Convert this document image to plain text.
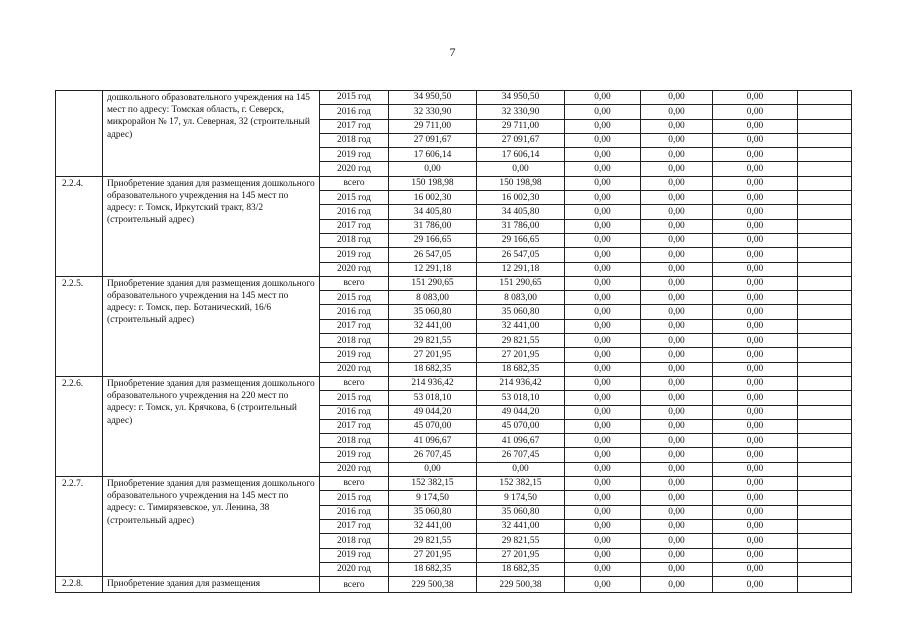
7
	дошкольного образовательного учреждения на 145 мест по адресу: Томская область, г. Северск, микрорайон № 17, ул. Северная, 32 (строительный адрес)	2015 год	34 950,50	34 950,50	0,00	0,00	0,00	
		2016 год	32 330,90	32 330,90	0,00	0,00	0,00	
		2017 год	29 711,00	29 711,00	0,00	0,00	0,00	
		2018 год	27 091,67	27 091,67	0,00	0,00	0,00	
		2019 год	17 606,14	17 606,14	0,00	0,00	0,00	
		2020 год	0,00	0,00	0,00	0,00	0,00	
2.2.4.	Приобретение здания для размещения дошкольного образовательного учреждения на 145 мест по адресу: г. Томск, Иркутский тракт, 83/2 (строительный адрес)	всего	150 198,98	150 198,98	0,00	0,00	0,00	
		2015 год	16 002,30	16 002,30	0,00	0,00	0,00	
		2016 год	34 405,80	34 405,80	0,00	0,00	0,00	
		2017 год	31 786,00	31 786,00	0,00	0,00	0,00	
		2018 год	29 166,65	29 166,65	0,00	0,00	0,00	
		2019 год	26 547,05	26 547,05	0,00	0,00	0,00	
		2020 год	12 291,18	12 291,18	0,00	0,00	0,00	
2.2.5.	Приобретение здания для размещения дошкольного образовательного учреждения на 145 мест по адресу: г. Томск, пер. Ботанический, 16/6 (строительный адрес)	всего	151 290,65	151 290,65	0,00	0,00	0,00	
		2015 год	8 083,00	8 083,00	0,00	0,00	0,00	
		2016 год	35 060,80	35 060,80	0,00	0,00	0,00	
		2017 год	32 441,00	32 441,00	0,00	0,00	0,00	
		2018 год	29 821,55	29 821,55	0,00	0,00	0,00	
		2019 год	27 201,95	27 201,95	0,00	0,00	0,00	
		2020 год	18 682,35	18 682,35	0,00	0,00	0,00	
2.2.6.	Приобретение здания для размещения дошкольного образовательного учреждения на 220 мест по адресу: г. Томск, ул. Крячкова, 6 (строительный адрес)	всего	214 936,42	214 936,42	0,00	0,00	0,00	
		2015 год	53 018,10	53 018,10	0,00	0,00	0,00	
		2016 год	49 044,20	49 044,20	0,00	0,00	0,00	
		2017 год	45 070,00	45 070,00	0,00	0,00	0,00	
		2018 год	41 096,67	41 096,67	0,00	0,00	0,00	
		2019 год	26 707,45	26 707,45	0,00	0,00	0,00	
		2020 год	0,00	0,00	0,00	0,00	0,00	
2.2.7.	Приобретение здания для размещения дошкольного образовательного учреждения на 145 мест по адресу: с. Тимирязевское, ул. Ленина, 38 (строительный адрес)	всего	152 382,15	152 382,15	0,00	0,00	0,00	
		2015 год	9 174,50	9 174,50	0,00	0,00	0,00	
		2016 год	35 060,80	35 060,80	0,00	0,00	0,00	
		2017 год	32 441,00	32 441,00	0,00	0,00	0,00	
		2018 год	29 821,55	29 821,55	0,00	0,00	0,00	
		2019 год	27 201,95	27 201,95	0,00	0,00	0,00	
		2020 год	18 682,35	18 682,35	0,00	0,00	0,00	
2.2.8.	Приобретение здания для размещения	всего	229 500,38	229 500,38	0,00	0,00	0,00	
